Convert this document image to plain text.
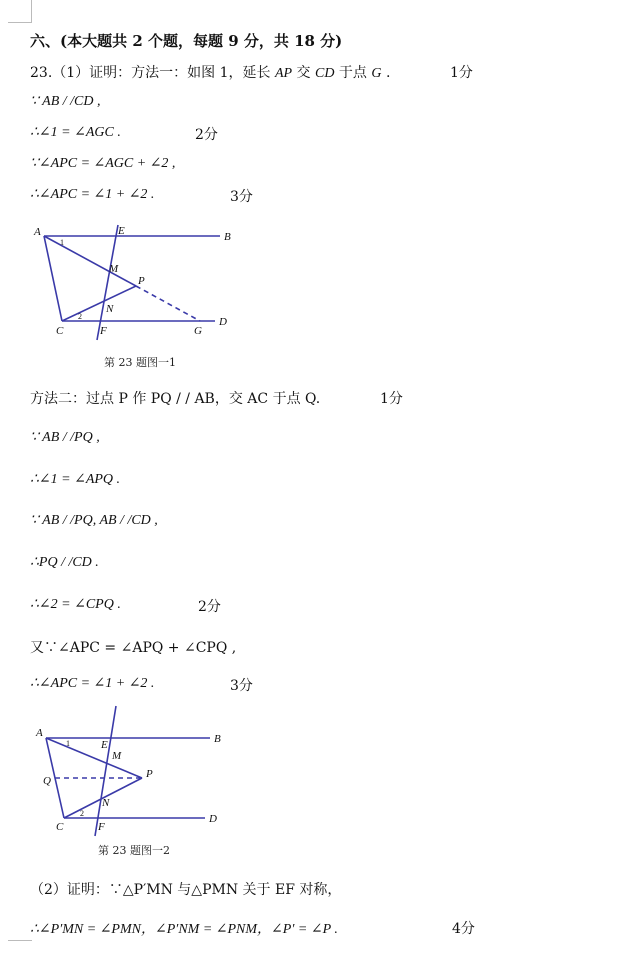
六、(本大题共 2 个题，每题 9 分，共 18 分)
23.（1）证明：方法一：如图 1，延长 AP 交 CD 于点 G .	1分
∵ AB / /CD ,
∴∠1 = ∠AGC .	2分
∵∠APC = ∠AGC + ∠2 ,
∴∠APC = ∠1 + ∠2 .	3分
A	B
E
M
P
N
C	F	G
D
1
2
第 23 题图一1
方法二：过点 P 作 PQ / / AB，交 AC 于点 Q.	1分
∵ AB / /PQ ,
∴∠1 = ∠APQ .
∵ AB / /PQ, AB / /CD ,
∴PQ / /CD .
∴∠2 = ∠CPQ .	2分
又∵∠APC = ∠APQ + ∠CPQ ,
∴∠APC = ∠1 + ∠2 .	3分
A	B
E
M
Q
P
N
C	F
D
1
2
第 23 题图一2
（2）证明：∵△P′MN 与△PMN 关于 EF 对称，
∴∠P′MN = ∠PMN，∠P′NM = ∠PNM，∠P′ = ∠P .	4分
